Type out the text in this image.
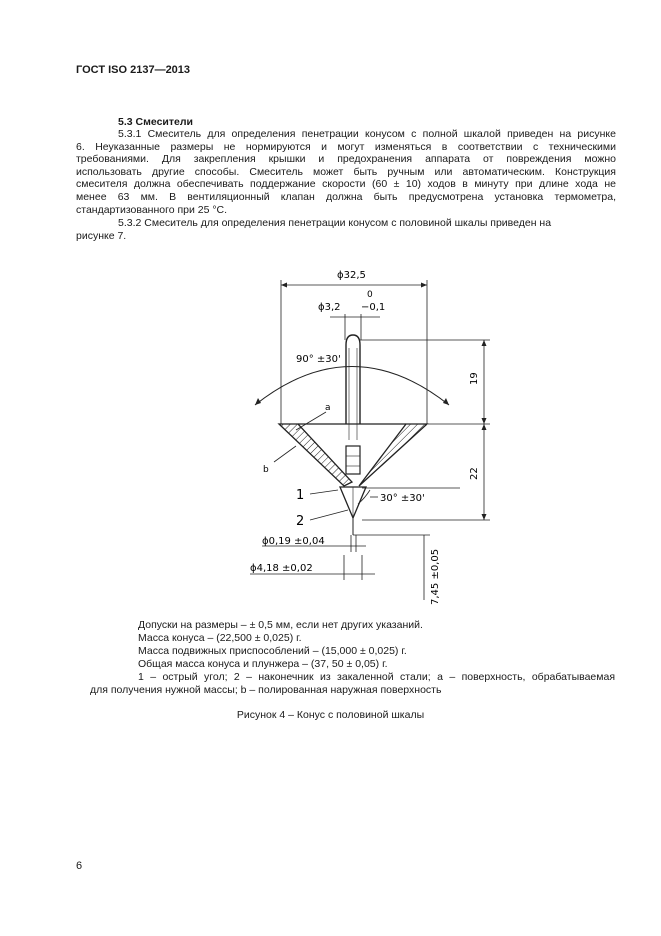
ГОСТ ISO 2137—2013
5.3 Смесители
5.3.1 Смеситель для определения пенетрации конусом с полной шкалой приведен на рисунке
6. Неуказанные размеры не нормируются и могут изменяться в соответствии с техническими
требованиями. Для закрепления крышки и предохранения аппарата от повреждения можно
использовать другие способы. Смеситель может быть ручным или автоматическим. Конструкция
смесителя должна обеспечивать поддержание скорости (60 ± 10) ходов в минуту при длине хода не
менее 63 мм. В вентиляционный клапан должна быть предусмотрена установка термометра,
стандартизованного при 25 °С.
5.3.2 Смеситель для определения пенетрации конусом с половиной шкалы приведен на
рисунке 7.
ϕ32,5
0
ϕ3,2 −0,1
90° ±30'
19
22
30° ±30'
7,45 ±0,05
ϕ0,19 ±0,04
ϕ4,18 ±0,02
a
b
1
2
Допуски на размеры – ± 0,5 мм, если нет других указаний.
Масса конуса – (22,500 ± 0,025) г.
Масса подвижных приспособлений – (15,000 ± 0,025) г.
Общая масса конуса и плунжера – (37, 50 ± 0,05) г.
1 – острый угол; 2 – наконечник из закаленной стали; а – поверхность, обрабатываемая
для получения нужной массы; b – полированная наружная поверхность
Рисунок 4 – Конус с половиной шкалы
6
